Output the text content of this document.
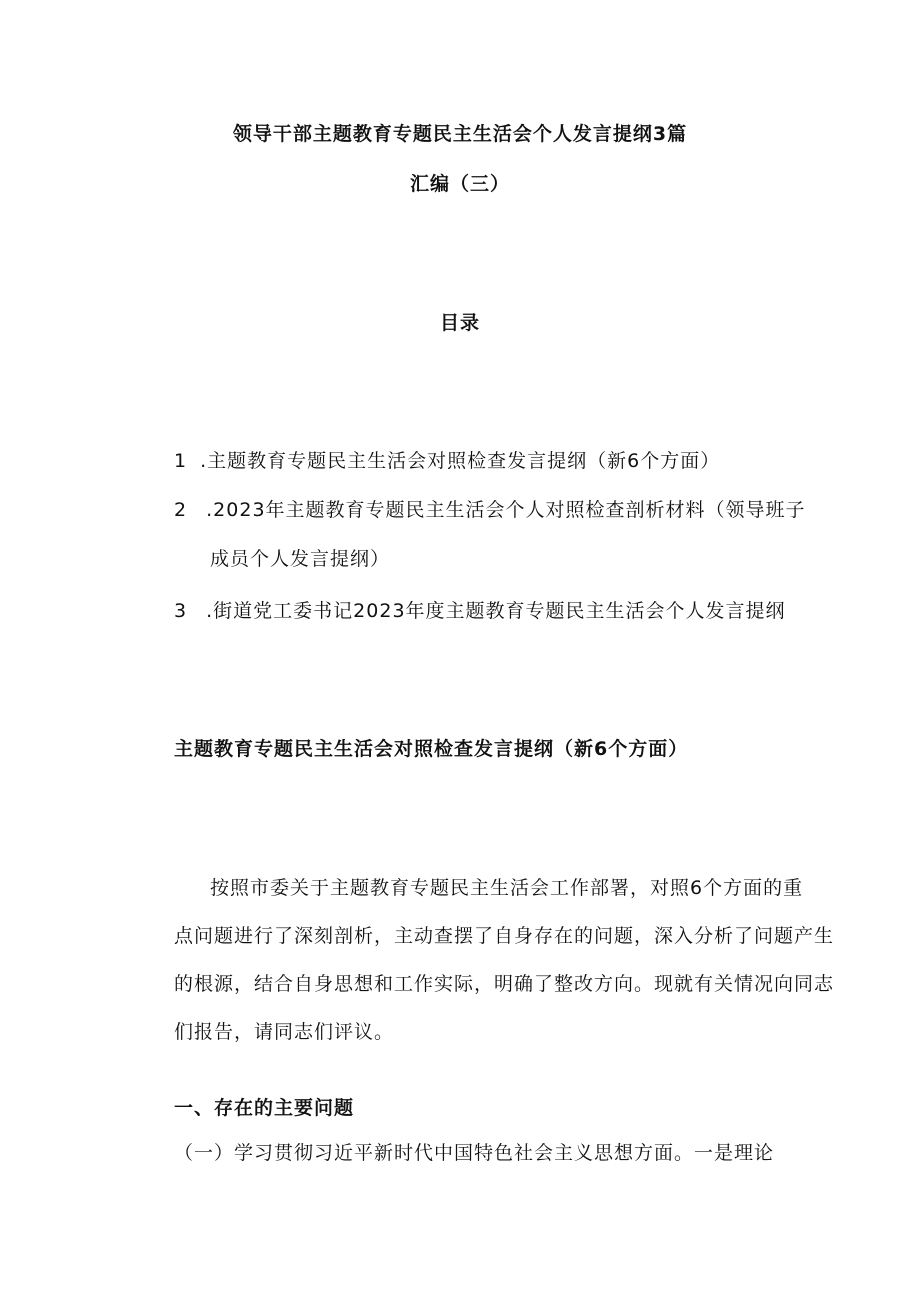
领导干部主题教育专题民主生活会个人发言提纲3篇
汇编（三）
目录
1 .主题教育专题民主生活会对照检查发言提纲（新6个方面）
2 .2023年主题教育专题民主生活会个人对照检查剖析材料（领导班子
成员个人发言提纲）
3 .街道党工委书记2023年度主题教育专题民主生活会个人发言提纲
主题教育专题民主生活会对照检查发言提纲（新6个方面）
按照市委关于主题教育专题民主生活会工作部署，对照6个方面的重
点问题进行了深刻剖析，主动查摆了自身存在的问题，深入分析了问题产生
的根源，结合自身思想和工作实际，明确了整改方向。现就有关情况向同志
们报告，请同志们评议。
一、存在的主要问题
（一）学习贯彻习近平新时代中国特色社会主义思想方面。一是理论
